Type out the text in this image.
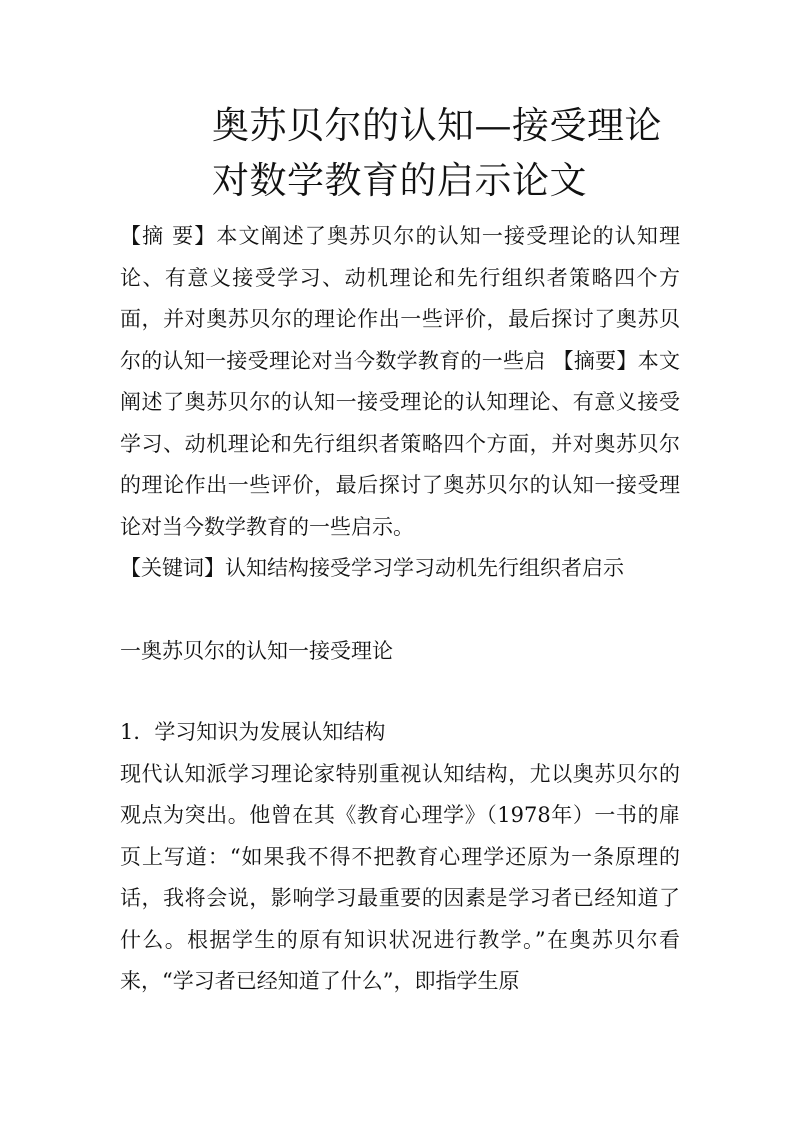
奥苏贝尔的认知—接受理论
对数学教育的启示论文

【摘 要】本文阐述了奥苏贝尔的认知一接受理论的认知理论、有意义接受学习、动机理论和先行组织者策略四个方面，并对奥苏贝尔的理论作出一些评价，最后探讨了奥苏贝尔的认知一接受理论对当今数学教育的一些启 【摘要】本文阐述了奥苏贝尔的认知一接受理论的认知理论、有意义接受学习、动机理论和先行组织者策略四个方面，并对奥苏贝尔的理论作出一些评价，最后探讨了奥苏贝尔的认知一接受理论对当今数学教育的一些启示。

【关键词】认知结构接受学习学习动机先行组织者启示

一奥苏贝尔的认知一接受理论

1．学习知识为发展认知结构

现代认知派学习理论家特别重视认知结构，尤以奥苏贝尔的观点为突出。他曾在其《教育心理学》（1978年）一书的扉页上写道：“如果我不得不把教育心理学还原为一条原理的话，我将会说，影响学习最重要的因素是学习者已经知道了什么。根据学生的原有知识状况进行教学。”在奥苏贝尔看来，“学习者已经知道了什么”，即指学生原
